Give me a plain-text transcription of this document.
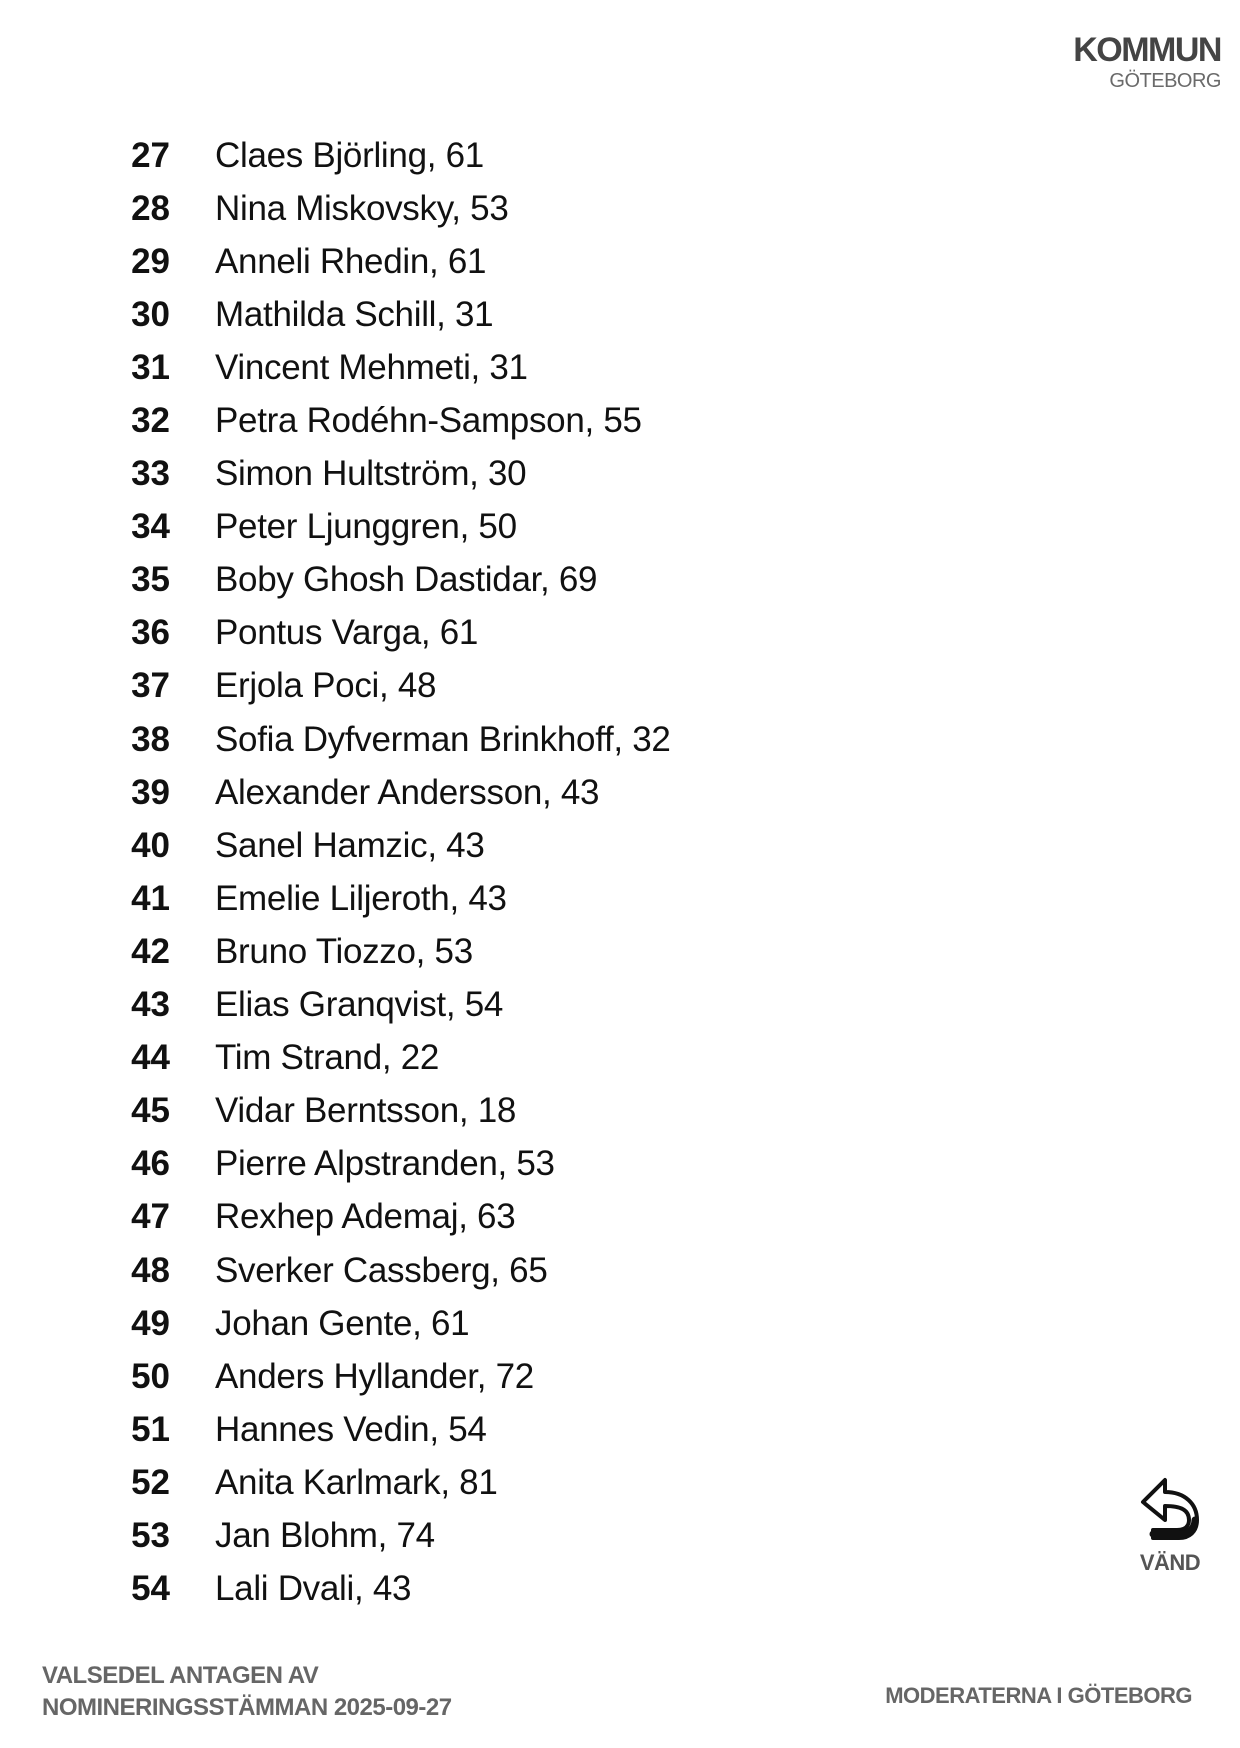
KOMMUN
GÖTEBORG
27 Claes Björling, 61
28 Nina Miskovsky, 53
29 Anneli Rhedin, 61
30 Mathilda Schill, 31
31 Vincent Mehmeti, 31
32 Petra Rodéhn-Sampson, 55
33 Simon Hultström, 30
34 Peter Ljunggren, 50
35 Boby Ghosh Dastidar, 69
36 Pontus Varga, 61
37 Erjola Poci, 48
38 Sofia Dyfverman Brinkhoff, 32
39 Alexander Andersson, 43
40 Sanel Hamzic, 43
41 Emelie Liljeroth, 43
42 Bruno Tiozzo, 53
43 Elias Granqvist, 54
44 Tim Strand, 22
45 Vidar Berntsson, 18
46 Pierre Alpstranden, 53
47 Rexhep Ademaj, 63
48 Sverker Cassberg, 65
49 Johan Gente, 61
50 Anders Hyllander, 72
51 Hannes Vedin, 54
52 Anita Karlmark, 81
53 Jan Blohm, 74
54 Lali Dvali, 43
VÄND
VALSEDEL ANTAGEN AV
NOMINERINGSSTÄMMAN 2025-09-27	MODERATERNA I GÖTEBORG
